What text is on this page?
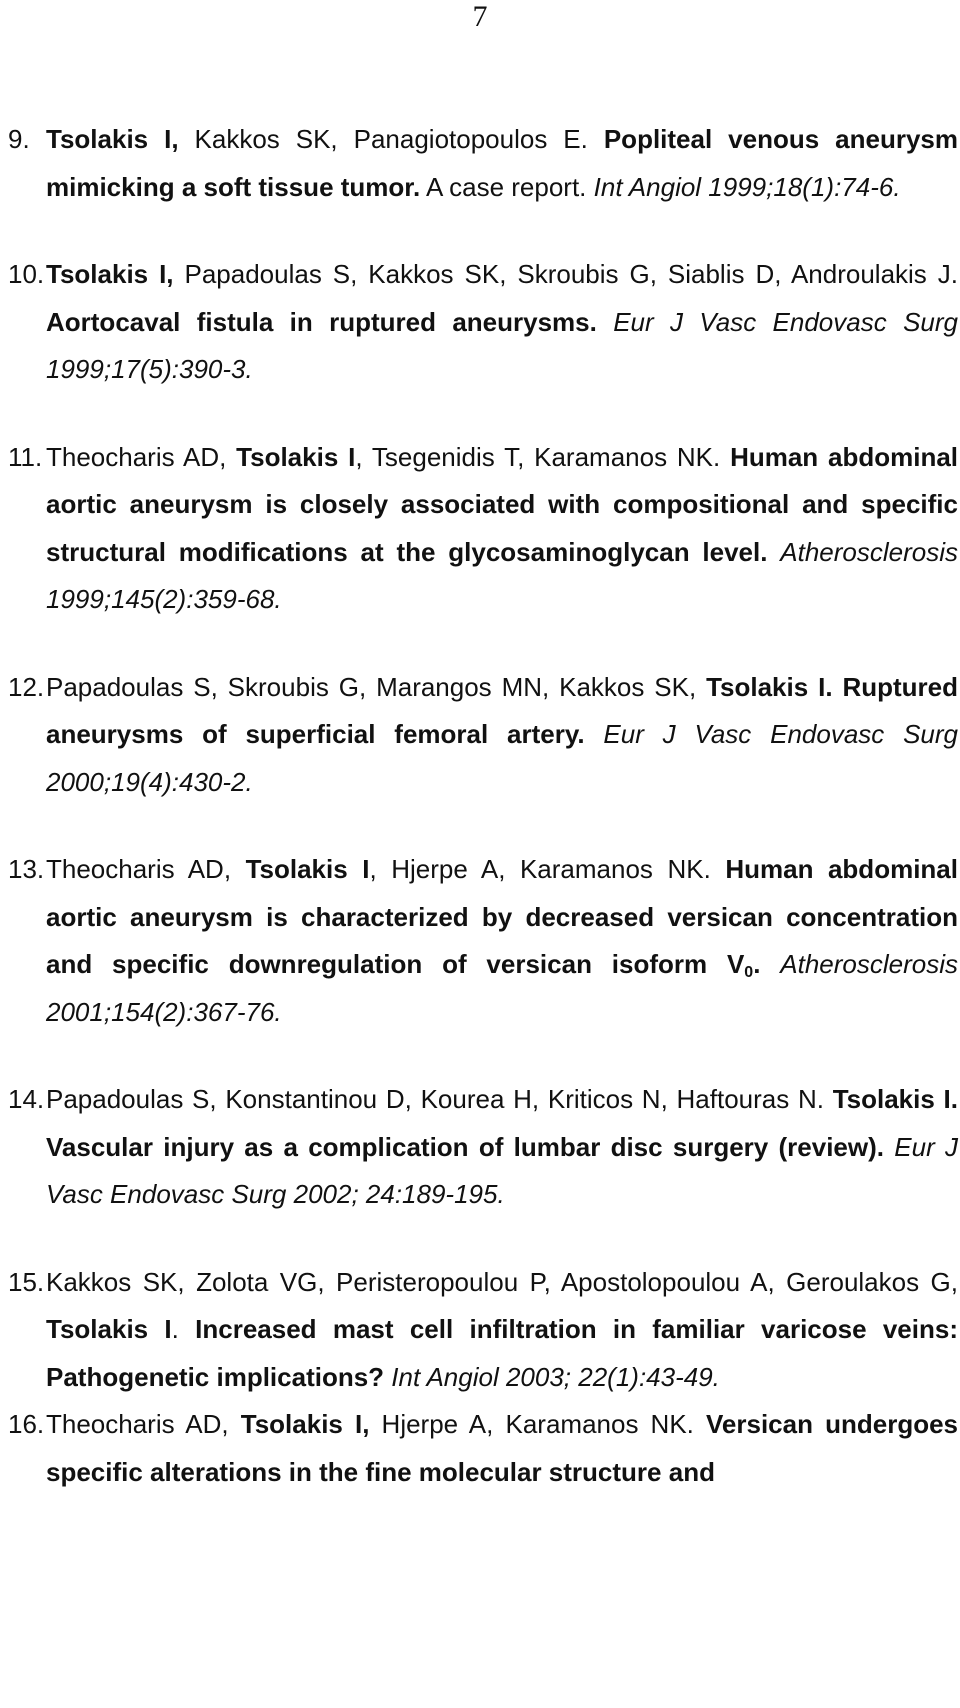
7
9. Tsolakis I, Kakkos SK, Panagiotopoulos E. Popliteal venous aneurysm mimicking a soft tissue tumor. A case report. Int Angiol 1999;18(1):74-6.
10. Tsolakis I, Papadoulas S, Kakkos SK, Skroubis G, Siablis D, Androulakis J. Aortocaval fistula in ruptured aneurysms. Eur J Vasc Endovasc Surg 1999;17(5):390-3.
11. Theocharis AD, Tsolakis I, Tsegenidis T, Karamanos NK. Human abdominal aortic aneurysm is closely associated with compositional and specific structural modifications at the glycosaminoglycan level. Atherosclerosis 1999;145(2):359-68.
12. Papadoulas S, Skroubis G, Marangos MN, Kakkos SK, Tsolakis I. Ruptured aneurysms of superficial femoral artery. Eur J Vasc Endovasc Surg 2000;19(4):430-2.
13. Theocharis AD, Tsolakis I, Hjerpe A, Karamanos NK. Human abdominal aortic aneurysm is characterized by decreased versican concentration and specific downregulation of versican isoform $V_0$. Atherosclerosis 2001;154(2):367-76.
14. Papadoulas S, Konstantinou D, Kourea H, Kriticos N, Haftouras N. Tsolakis I. Vascular injury as a complication of lumbar disc surgery (review). Eur J Vasc Endovasc Surg 2002; 24:189-195.
15. Kakkos SK, Zolota VG, Peristeropoulou P, Apostolopoulou A, Geroulakos G, Tsolakis I. Increased mast cell infiltration in familiar varicose veins: Pathogenetic implications? Int Angiol 2003; 22(1):43-49.
16. Theocharis AD, Tsolakis I, Hjerpe A, Karamanos NK. Versican undergoes specific alterations in the fine molecular structure and
